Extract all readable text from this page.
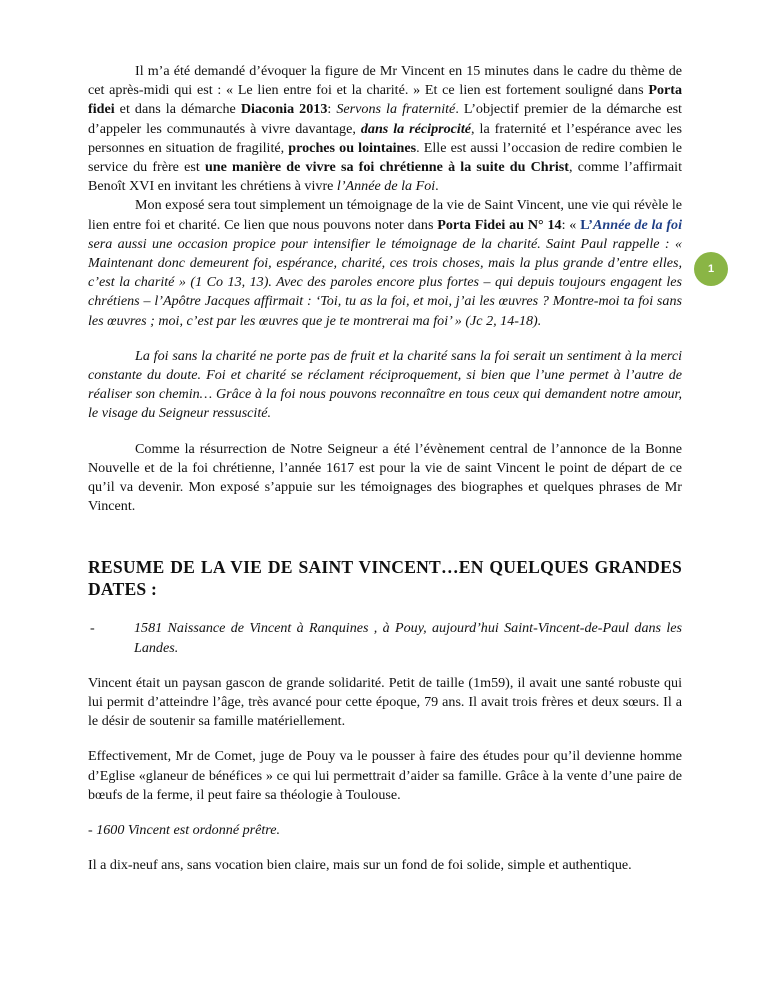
Il m’a été demandé d’évoquer la figure de Mr Vincent en 15 minutes dans le cadre du thème de cet après-midi qui est : « Le lien entre foi et la charité. » Et ce lien est fortement souligné dans Porta fidei et dans la démarche Diaconia 2013: Servons la fraternité. L’objectif premier de la démarche est d’appeler les communautés à vivre davantage, dans la réciprocité, la fraternité et l’espérance avec les personnes en situation de fragilité, proches ou lointaines. Elle est aussi l’occasion de redire combien le service du frère est une manière de vivre sa foi chrétienne à la suite du Christ, comme l’affirmait Benoît XVI en invitant les chrétiens à vivre l’Année de la Foi.

Mon exposé sera tout simplement un témoignage de la vie de Saint Vincent, une vie qui révèle le lien entre foi et charité. Ce lien que nous pouvons noter dans Porta Fidei au N° 14: « L’Année de la foi sera aussi une occasion propice pour intensifier le témoignage de la charité. Saint Paul rappelle : « Maintenant donc demeurent foi, espérance, charité, ces trois choses, mais la plus grande d’entre elles, c’est la charité » (1 Co 13, 13). Avec des paroles encore plus fortes – qui depuis toujours engagent les chrétiens – l’Apôtre Jacques affirmait : ‘Toi, tu as la foi, et moi, j’ai les œuvres ? Montre-moi ta foi sans les œuvres ; moi, c’est par les œuvres que je te montrerai ma foi’ » (Jc 2, 14-18).

La foi sans la charité ne porte pas de fruit et la charité sans la foi serait un sentiment à la merci constante du doute. Foi et charité se réclament réciproquement, si bien que l’une permet à l’autre de réaliser son chemin… Grâce à la foi nous pouvons reconnaître en tous ceux qui demandent notre amour, le visage du Seigneur ressuscité.

Comme la résurrection de Notre Seigneur a été l’évènement central de l’annonce de la Bonne Nouvelle et de la foi chrétienne, l’année 1617 est pour la vie de saint Vincent le point de départ de ce qu’il va devenir. Mon exposé s’appuie sur les témoignages des biographes et quelques phrases de Mr Vincent.

RESUME DE LA VIE DE SAINT VINCENT…EN QUELQUES GRANDES DATES :

-	1581 Naissance de Vincent à Ranquines , à Pouy, aujourd’hui Saint-Vincent-de-Paul dans les Landes.

Vincent était un paysan gascon de grande solidarité. Petit de taille (1m59), il avait une santé robuste qui lui permit d’atteindre l’âge, très avancé pour cette époque, 79 ans. Il avait trois frères et deux sœurs. Il a le désir de soutenir sa famille matériellement.

Effectivement, Mr de Comet, juge de Pouy va le pousser à faire des études pour qu’il devienne homme d’Eglise «glaneur de bénéfices » ce qui lui permettrait d’aider sa famille. Grâce à la vente d’une paire de bœufs de la ferme, il peut faire sa théologie à Toulouse.

- 1600 Vincent est ordonné prêtre.

Il a dix-neuf ans, sans vocation bien claire, mais sur un fond de foi solide, simple et authentique.

1
